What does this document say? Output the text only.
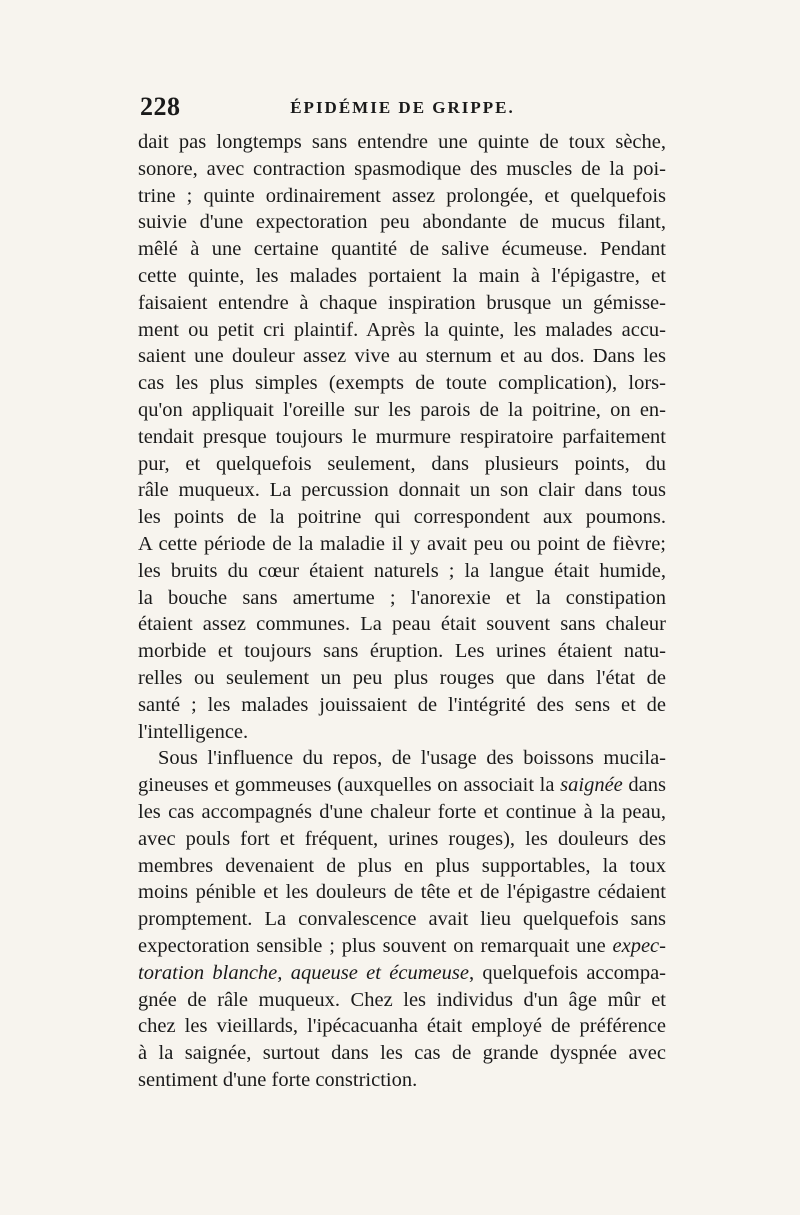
228	ÉPIDÉMIE DE GRIPPE.
dait pas longtemps sans entendre une quinte de toux sèche,
sonore, avec contraction spasmodique des muscles de la poi-
trine ; quinte ordinairement assez prolongée, et quelquefois
suivie d'une expectoration peu abondante de mucus filant,
mêlé à une certaine quantité de salive écumeuse. Pendant
cette quinte, les malades portaient la main à l'épigastre, et
faisaient entendre à chaque inspiration brusque un gémisse-
ment ou petit cri plaintif. Après la quinte, les malades accu-
saient une douleur assez vive au sternum et au dos. Dans les
cas les plus simples (exempts de toute complication), lors-
qu'on appliquait l'oreille sur les parois de la poitrine, on en-
tendait presque toujours le murmure respiratoire parfaitement
pur, et quelquefois seulement, dans plusieurs points, du
râle muqueux. La percussion donnait un son clair dans tous
les points de la poitrine qui correspondent aux poumons.
A cette période de la maladie il y avait peu ou point de fièvre;
les bruits du cœur étaient naturels ; la langue était humide,
la bouche sans amertume ; l'anorexie et la constipation
étaient assez communes. La peau était souvent sans chaleur
morbide et toujours sans éruption. Les urines étaient natu-
relles ou seulement un peu plus rouges que dans l'état de
santé ; les malades jouissaient de l'intégrité des sens et de
l'intelligence.
Sous l'influence du repos, de l'usage des boissons mucila-
gineuses et gommeuses (auxquelles on associait la saignée dans
les cas accompagnés d'une chaleur forte et continue à la peau,
avec pouls fort et fréquent, urines rouges), les douleurs des
membres devenaient de plus en plus supportables, la toux
moins pénible et les douleurs de tête et de l'épigastre cédaient
promptement. La convalescence avait lieu quelquefois sans
expectoration sensible ; plus souvent on remarquait une expec-
toration blanche, aqueuse et écumeuse, quelquefois accompa-
gnée de râle muqueux. Chez les individus d'un âge mûr et
chez les vieillards, l'ipécacuanha était employé de préférence
à la saignée, surtout dans les cas de grande dyspnée avec
sentiment d'une forte constriction.
